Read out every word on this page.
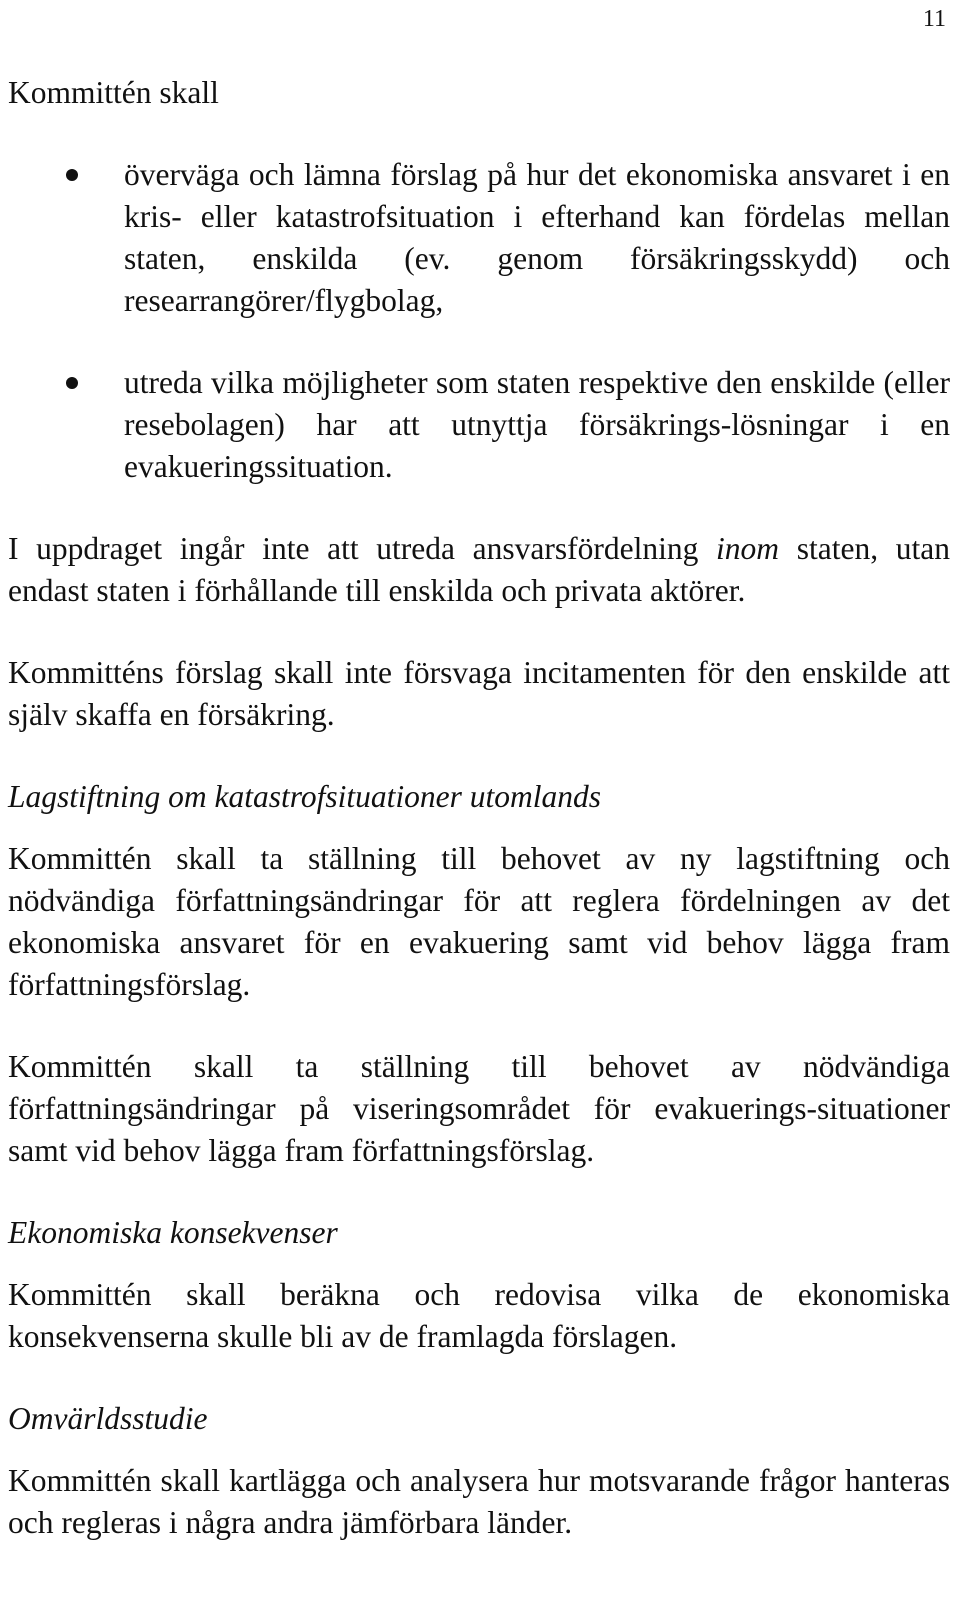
11

Kommittén skall

överväga och lämna förslag på hur det ekonomiska ansvaret i en kris- eller katastrofsituation i efterhand kan fördelas mellan staten, enskilda (ev. genom försäkringsskydd) och researrangörer/flygbolag,
utreda vilka möjligheter som staten respektive den enskilde (eller resebolagen) har att utnyttja försäkrings-lösningar i en evakueringssituation.

I uppdraget ingår inte att utreda ansvarsfördelning inom staten, utan endast staten i förhållande till enskilda och privata aktörer.

Kommitténs förslag skall inte försvaga incitamenten för den enskilde att själv skaffa en försäkring.

Lagstiftning om katastrofsituationer utomlands

Kommittén skall ta ställning till behovet av ny lagstiftning och nödvändiga författningsändringar för att reglera fördelningen av det ekonomiska ansvaret för en evakuering samt vid behov lägga fram författningsförslag.

Kommittén skall ta ställning till behovet av nödvändiga författningsändringar på viseringsområdet för evakuerings-situationer samt vid behov lägga fram författningsförslag.

Ekonomiska konsekvenser

Kommittén skall beräkna och redovisa vilka de ekonomiska konsekvenserna skulle bli av de framlagda förslagen.

Omvärldsstudie

Kommittén skall kartlägga och analysera hur motsvarande frågor hanteras och regleras i några andra jämförbara länder.
